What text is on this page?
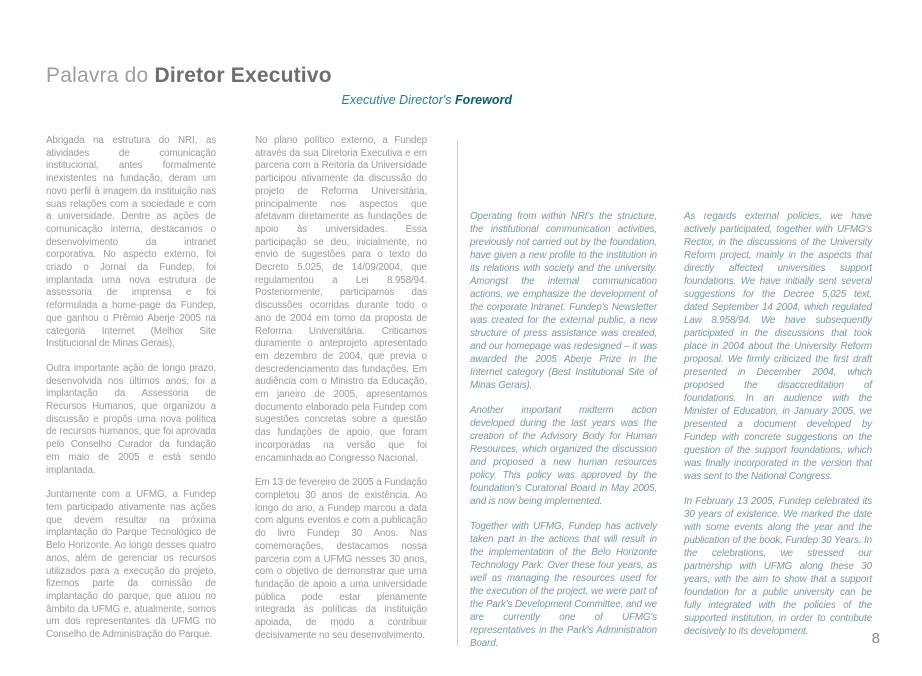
Palavra do Diretor Executivo
Executive Director's Foreword

Abrigada na estrutura do NRI, as atividades de comunicação institucional, antes formalmente inexistentes na fundação, deram um novo perfil à imagem da instituição nas suas relações com a sociedade e com a universidade. Dentre as ações de comunicação interna, destacamos o desenvolvimento da intranet corporativa. No aspecto externo, foi criado o Jornal da Fundep, foi implantada uma nova estrutura de assessoria de imprensa e foi reformulada a home-page da Fundep, que ganhou o Prêmio Aberje 2005 na categoria Internet (Melhor Site Institucional de Minas Gerais).

Outra importante ação de longo prazo, desenvolvida nos últimos anos, foi a implantação da Assessoria de Recursos Humanos, que organizou a discussão e propôs uma nova política de recursos humanos, que foi aprovada pelo Conselho Curador da fundação em maio de 2005 e está sendo implantada.

Juntamente com a UFMG, a Fundep tem participado ativamente nas ações que devem resultar na próxima implantação do Parque Tecnológico de Belo Horizonte. Ao longo desses quatro anos, além de gerenciar os recursos utilizados para a execução do projeto, fizemos parte da comissão de implantação do parque, que atuou no âmbito da UFMG e, atualmente, somos um dos representantes da UFMG no Conselho de Administração do Parque.

No plano político externo, a Fundep através da sua Diretoria Executiva e em parceria com a Reitoria da Universidade participou ativamente da discussão do projeto de Reforma Universitária, principalmente nos aspectos que afetavam diretamente as fundações de apoio às universidades. Essa participação se deu, inicialmente, no envio de sugestões para o texto do Decreto 5.025, de 14/09/2004, que regulamentou a Lei 8.958/94. Posteriormente, participamos das discussões ocorridas durante todo o ano de 2004 em torno da proposta de Reforma Universitária. Criticamos duramente o anteprojeto apresentado em dezembro de 2004, que previa o descredenciamento das fundações. Em audiência com o Ministro da Educação, em janeiro de 2005, apresentamos documento elaborado pela Fundep com sugestões concretas sobre a questão das fundações de apoio, que foram incorporadas na versão que foi encaminhada ao Congresso Nacional.

Em 13 de fevereiro de 2005 a Fundação completou 30 anos de existência. Ao longo do ano, a Fundep marcou a data com alguns eventos e com a publicação do livro Fundep 30 Anos. Nas comemorações, destacamos nossa parceria com a UFMG nesses 30 anos, com o objetivo de demonstrar que uma fundação de apoio a uma universidade pública pode estar plenamente integrada às políticas da instituição apoiada, de modo a contribuir decisivamente no seu desenvolvimento.

Operating from within NRI's the structure, the institutional communication activities, previously not carried out by the foundation, have given a new profile to the institution in its relations with society and the university. Amongst the internal communication actions, we emphasize the development of the corporate Intranet. Fundep's Newsletter was created for the external public, a new structure of press assistance was created, and our homepage was redesigned – it was awarded the 2005 Aberje Prize in the Internet category (Best Institutional Site of Minas Gerais).

Another important midterm action developed during the last years was the creation of the Advisory Body for Human Resources, which organized the discussion and proposed a new human resources policy. This policy was approved by the foundation's Curatorial Board in May 2005, and is now being implemented.

Together with UFMG, Fundep has actively taken part in the actions that will result in the implementation of the Belo Horizonte Technology Park. Over these four years, as well as managing the resources used for the execution of the project, we were part of the Park's Development Committee, and we are currently one of UFMG's representatives in the Park's Administration Board.

As regards external policies, we have actively participated, together with UFMG's Rector, in the discussions of the University Reform project, mainly in the aspects that directly affected universities support foundations. We have initially sent several suggestions for the Decree 5,025 text, dated September 14 2004, which regulated Law 8.958/94. We have subsequently participated in the discussions that took place in 2004 about the University Reform proposal. We firmly criticized the first draft presented in December 2004, which proposed the disaccreditation of foundations. In an audience with the Minister of Education, in January 2005, we presented a document developed by Fundep with concrete suggestions on the question of the support foundations, which was finally incorporated in the version that was sent to the National Congress.

In February 13 2005, Fundep celebrated its 30 years of existence. We marked the date with some events along the year and the publication of the book, Fundep 30 Years. In the celebrations, we stressed our partnership with UFMG along these 30 years, with the aim to show that a support foundation for a public university can be fully integrated with the policies of the supported institution, in order to contribute decisively to its development.	8
